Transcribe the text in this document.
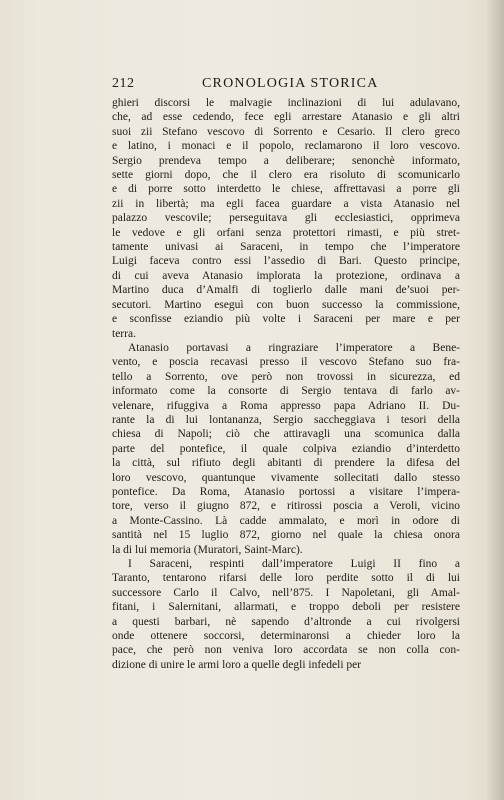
212	CRONOLOGIA STORICA
ghieri discorsi le malvagie inclinazioni di lui adulavano,
che, ad esse cedendo, fece egli arrestare Atanasio e gli altri
suoi zii Stefano vescovo di Sorrento e Cesario. Il clero greco
e latino, i monaci e il popolo, reclamarono il loro vescovo.
Sergio prendeva tempo a deliberare; senonchè informato,
sette giorni dopo, che il clero era risoluto di scomunicarlo
e di porre sotto interdetto le chiese, affrettavasi a porre gli
zii in libertà; ma egli facea guardare a vista Atanasio nel
palazzo vescovile; perseguitava gli ecclesiastici, opprimeva
le vedove e gli orfani senza protettori rimasti, e più stret-
tamente univasi ai Saraceni, in tempo che l’imperatore
Luigi faceva contro essi l’assedio di Bari. Questo principe,
di cui aveva Atanasio implorata la protezione, ordinava a
Martino duca d’Amalfi di toglierlo dalle mani de’suoi per-
secutori. Martino eseguì con buon successo la commissione,
e sconfisse eziandio più volte i Saraceni per mare e per
terra.
Atanasio portavasi a ringraziare l’imperatore a Bene-
vento, e poscia recavasi presso il vescovo Stefano suo fra-
tello a Sorrento, ove però non trovossi in sicurezza, ed
informato come la consorte di Sergio tentava di farlo av-
velenare, rifuggiva a Roma appresso papa Adriano II. Du-
rante la di lui lontananza, Sergio saccheggiava i tesori della
chiesa di Napoli; ciò che attiravagli una scomunica dalla
parte del pontefice, il quale colpiva eziandio d’interdetto
la città, sul rifiuto degli abitanti di prendere la difesa del
loro vescovo, quantunque vivamente sollecitati dallo stesso
pontefice. Da Roma, Atanasio portossi a visitare l’impera-
tore, verso il giugno 872, e ritirossi poscia a Veroli, vicino
a Monte-Cassino. Là cadde ammalato, e morì in odore di
santità nel 15 luglio 872, giorno nel quale la chiesa onora
la di lui memoria (Muratori, Saint-Marc).
I Saraceni, respinti dall’imperatore Luigi II fino a
Taranto, tentarono rifarsi delle loro perdite sotto il di lui
successore Carlo il Calvo, nell’875. I Napoletani, gli Amal-
fitani, i Salernitani, allarmati, e troppo deboli per resistere
a questi barbari, nè sapendo d’altronde a cui rivolgersi
onde ottenere soccorsi, determinaronsi a chieder loro la
pace, che però non veniva loro accordata se non colla con-
dizione di unire le armi loro a quelle degli infedeli per
